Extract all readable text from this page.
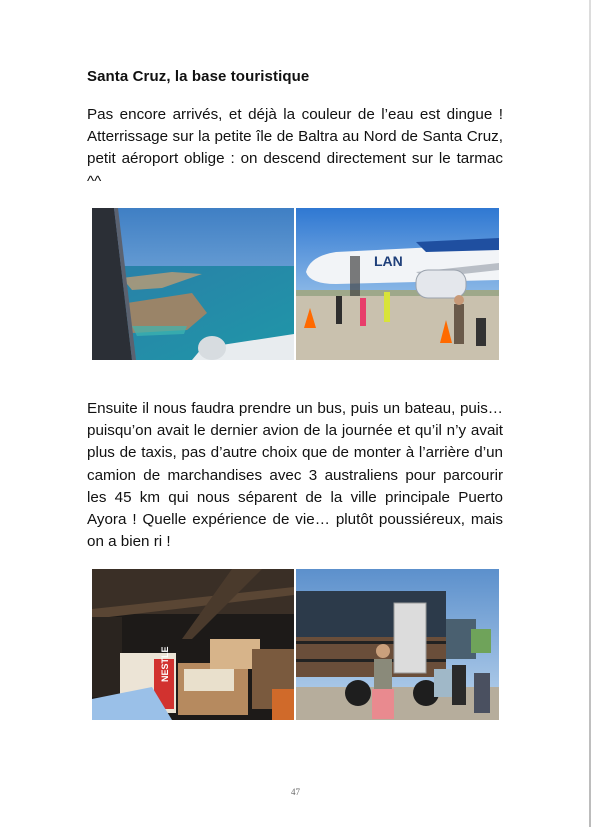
Santa Cruz, la base touristique

Pas encore arrivés, et déjà la couleur de l’eau est dingue ! Atterrissage sur la petite île de Baltra au Nord de Santa Cruz, petit aéroport oblige : on descend directement sur le tarmac ^^

LAN

Ensuite il nous faudra prendre un bus, puis un bateau, puis… puisqu’on avait le dernier avion de la journée et qu’il n’y avait plus de taxis, pas d’autre choix que de monter à l’arrière d’un camion de marchandises avec 3 australiens pour parcourir les 45 km qui nous séparent de la ville principale Puerto Ayora ! Quelle expérience de vie… plutôt poussiéreux, mais on a bien ri !

NESTLE
47
